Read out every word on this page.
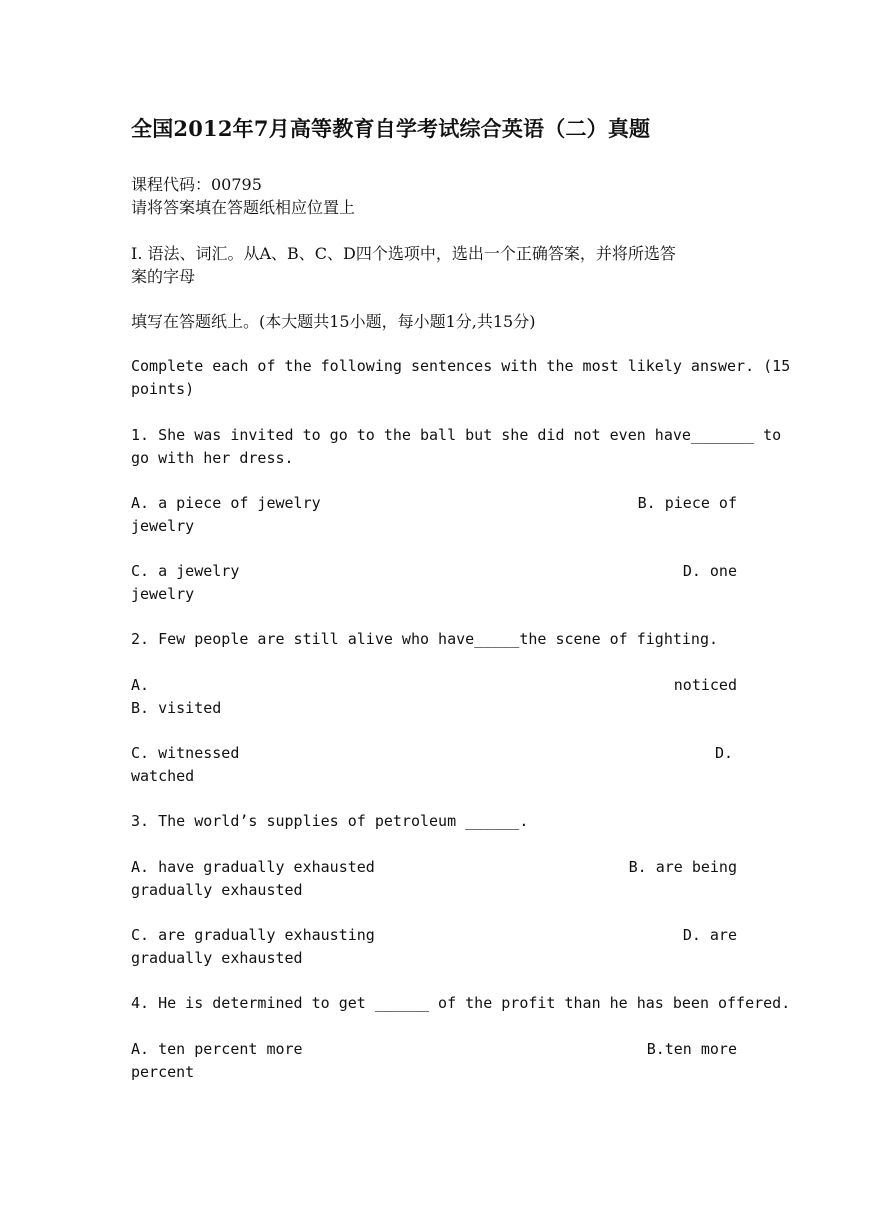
全国2012年7月高等教育自学考试综合英语（二）真题
课程代码：00795
请将答案填在答题纸相应位置上
Ⅰ. 语法、词汇。从A、B、C、D四个选项中，选出一个正确答案，并将所选答
案的字母
填写在答题纸上。(本大题共15小题，每小题1分,共15分)
Complete each of the following sentences with the most likely answer. (15
points)
1. She was invited to go to the ball but she did not even have_______ to
go with her dress.
A. a piece of jewelry	B. piece of
jewelry
C. a jewelry	D. one
jewelry
2. Few people are still alive who have_____the scene of fighting.
A.	noticed
B. visited
C. witnessed	D.
watched
3. The world’s supplies of petroleum ______.
A. have gradually exhausted	B. are being
gradually exhausted
C. are gradually exhausting	D. are
gradually exhausted
4. He is determined to get ______ of the profit than he has been offered.
A. ten percent more	B.ten more
percent
